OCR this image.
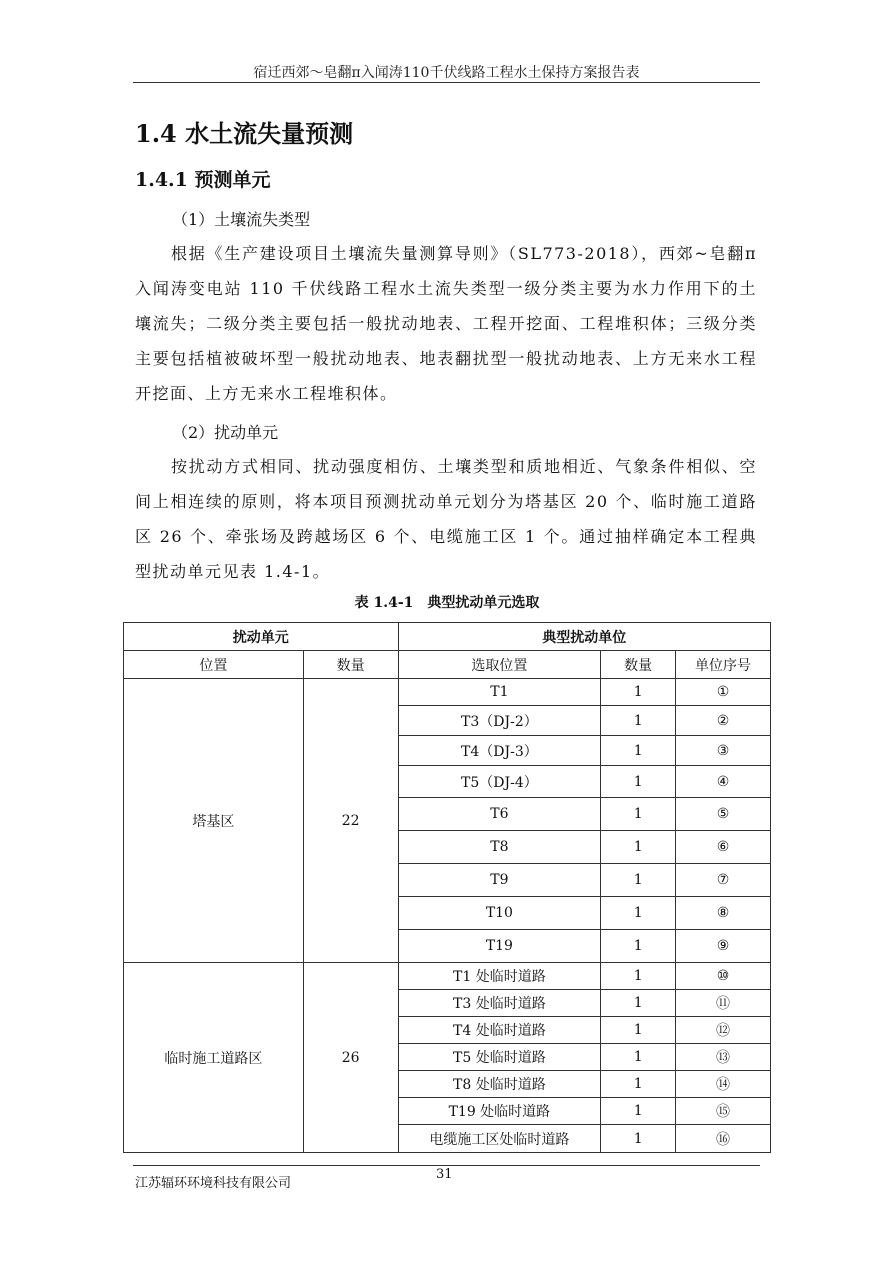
宿迁西郊～皂翻π入闻涛110千伏线路工程水土保持方案报告表
1.4 水土流失量预测
1.4.1 预测单元
（1）土壤流失类型
根据《生产建设项目土壤流失量测算导则》（SL773-2018），西郊~皂翻π入闻涛变电站 110 千伏线路工程水土流失类型一级分类主要为水力作用下的土壤流失；二级分类主要包括一般扰动地表、工程开挖面、工程堆积体；三级分类主要包括植被破坏型一般扰动地表、地表翻扰型一般扰动地表、上方无来水工程开挖面、上方无来水工程堆积体。
（2）扰动单元
按扰动方式相同、扰动强度相仿、土壤类型和质地相近、气象条件相似、空间上相连续的原则，将本项目预测扰动单元划分为塔基区 20 个、临时施工道路区 26 个、牵张场及跨越场区 6 个、电缆施工区 1 个。通过抽样确定本工程典型扰动单元见表 1.4-1。
表 1.4-1　典型扰动单元选取
扰动单元		典型扰动单位		
位置	数量	选取位置	数量	单位序号
塔基区	22	T1	1	①
		T3（DJ-2）	1	②
		T4（DJ-3）	1	③
		T5（DJ-4）	1	④
		T6	1	⑤
		T8	1	⑥
		T9	1	⑦
		T10	1	⑧
		T19	1	⑨
临时施工道路区	26	T1 处临时道路	1	⑩
		T3 处临时道路	1	⑪
		T4 处临时道路	1	⑫
		T5 处临时道路	1	⑬
		T8 处临时道路	1	⑭
		T19 处临时道路	1	⑮
		电缆施工区处临时道路	1	⑯
江苏辐环环境科技有限公司
31
